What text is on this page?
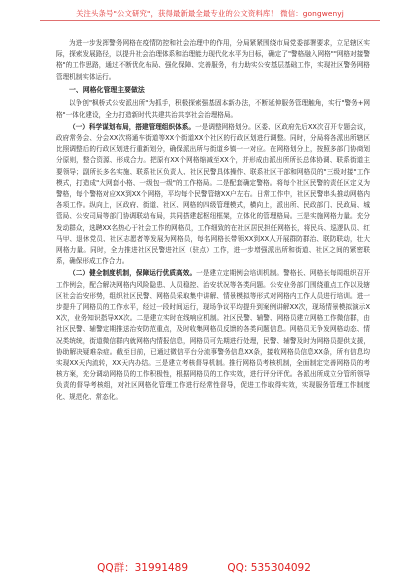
关注头条号"公文研究"，获得最新最全最专业的公文资料库！ 微信：gongwenyj

为进一步发挥警务网格在疫情防控和社会治理中的作用，分局紧紧围绕市局党委部署要求，立足辖区实际，探索发展路径，以提升社会治理体系和治理能力现代化水平为目标，确定了"警格融入网格""网格对接警格"的工作思路，通过不断优化布局、强化保障、完善服务，有力助实公安基层基础工作，实现社区警务网格管理机制实体运行。

一、网格化管理主要做法

以争创"枫桥式公安派出所"为抓手，积极探索强基固本新办法，不断延伸服务管理触角，实行"警务+网格"一体化建设，全力打造新时代共建共治共享社会治理格局。

（一）科学谋划布局，搭建管理组织体系。一是调整网格划分。区委、区政府先后XX次召开专题会议，政府常务会、分会XX次将通车街道等XX个街道XX个社区的行政区划进行调整。同时，分局将各派出所辖区比照调整后的行政区划进行重新划分，确保派出所与街道乡镇一一对应。在网格划分上，按照多部门协商划分原则，整合资源、形成合力。把原有XX个网格缩减至XX个，并形成由派出所所长总体协调、联系街道主要领导；副所长多名实施、联系社区负责人、社区民警具体操作、联系社区干部和网格员的"三级对接"工作模式，打造成"大网套小格、一级包一级"的工作格局。二是配套确定警格。将每个社区民警的责任区定义为警格，每个警格对应XX到XX个网格，平均每个民警管辖XX户左右。日常工作中，社区民警串头推动网格内各项工作。纵向上，区政府、街道、社区、网格的四级管理模式，横向上，派出所、民政部门、民政局、城管局、公安司局等部门协调联动布局，共同搭建起枢纽框架，立体化的管理格局。三是实施网格力量。充分发动群众，选聘XX名热心于社会工作的网格员，工作细致的在社区居民担任网格长，将民兵、巡逻队员、红马甲、退休党员、社区志愿者等发展为网格员，每名网格长带领XX到XX人开展群防群治、联防联动，壮大网格力量。同时，全力推进社区民警进社区（驻点）工作，进一步增强派出所和街道、社区之间的紧密联系，确保形成工作合力。

（二）健全制度机制，保障运行优质高效。一是建立定期例会培训机制。警格长、网格长每周组织召开工作例会，配合解决网格内风险隐患、人员稳控、治安状况等各类问题。公安业务部门围绕重点工作以及辖区社会治安形势，组织社区民警、网格员采取集中讲解、情景模拟等形式对网格内工作人员进行培训。进一步提升了网格员的工作水平，经过一段时间运行，现场争议平均提升到案例讲解XX次，现场情景模拟演示XX次，业务知识指导XX次。二是建立实时在线响应机制。社区民警、辅警、网格员建立网格工作微信群，由社区民警、辅警定期推送治安防范重点，及时收集网格员反馈的各类问题信息。网格员无争发网格动态、情况类统统，街道微信群内就网格内情报信息，网格员可先期进行处理，民警、辅警及时为网格员提供支援，协助解决疑难杂症。截至目前，已通过微信平台分流事警务信息XX条，接收网格员信息XX条，所有信息均实现XX天内流转，XX天内办结。三是建立考核督导机制。推行网格员考核机制，全面制定完善网格员的考核方案，充分调动网格员的工作积极性，根据网格员的工作实效，进行评分评优。各派出所成立分管所领导负责的督导考核组，对社区网格化管理工作进行经常性督导，促进工作取得实效，实现服务管理工作制度化、规范化、常态化。

QQ群：31991489	QQ: 535304092
